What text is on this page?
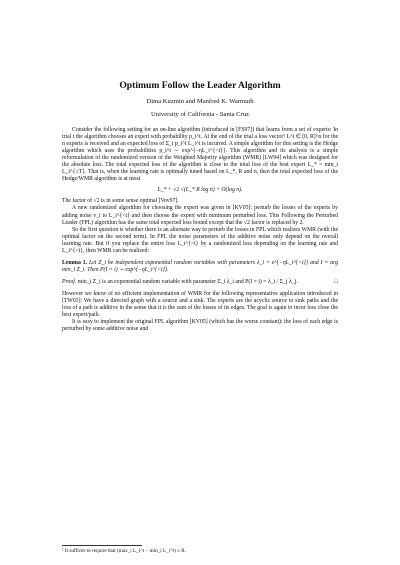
Optimum Follow the Leader Algorithm
Dima Kuzmin and Manfred K. Warmuth
University of California - Santa Cruz

Consider the following setting for an on-line algorithm (introduced in [FS97]) that learns from a set of experts: In trial t the algorithm chooses an expert with probability p_i^t. At the end of the trial a loss vector¹ L^t ∈ [0, R]^n for the n experts is received and an expected loss of Σ_i p_i^t L_i^t is incurred. A simple algorithm for this setting is the Hedge algorithm which uses the probabilities p_i^t ∼ exp^{−ηL_i^{<t}}. This algorithm and its analysis is a simple reformulation of the randomized version of the Weighted Majority algorithm (WMR) [LW94] which was designed for the absolute loss. The total expected loss of the algorithm is close to the total loss of the best expert L_* = min_i L_i^{≤T}. That is, when the learning rate is optimally tuned based on L_*, R and n, then the total expected loss of the Hedge/WMR algorithm is at most

L_* + √2 √(L_* R log n) + O(log n).

The factor of √2 is in some sense optimal [Vov97].

A new randomized algorithm for choosing the expert was given in [KV05]: perturb the losses of the experts by adding noise ν_i to L_i^{<t} and then choose the expert with minimum perturbed loss. This Following the Perturbed Leader (FPL) algorithm has the same total expected loss bound except that the √2 factor is replaced by 2.

So the first question is whether there is an alternate way to perturb the losses in FPL which realizes WMR (with the optimal factor on the second term). In FPL the noise parameters of the additive noise only depend on the overall learning rate. But if you replace the entire loss L_i^{<t} by a randomized loss depending on the learning rate and L_i^{<t}, then WMR can be realized:

Lemma 1. Let Z_i be independent exponential random variables with parameters λ_i = e^{−ηL_i^{<t}} and I = arg min_i Z_i. Then P(I = i) ∼ exp^{−ηL_i^{<t}}.
Proof. min_i Z_i is an exponential random variable with parameter Σ_i λ_i and P(I = i) = λ_i / Σ_j λ_j.	□

However we know of no efficient implementation of WMR for the following representative application introduced in [TW03]: We have a directed graph with a source and a sink. The experts are the acyclic source to sink paths and the loss of a path is additive in the sense that it is the sum of the losses of its edges. The goal is again to incur loss close the best expert/path.

It is easy to implement the original FPL algorithm [KV05] (which has the worse constant): the loss of each edge is perturbed by some additive noise and

¹ It suffices to require that (max_i L_i^t − min_i L_i^t) ≤ R.
